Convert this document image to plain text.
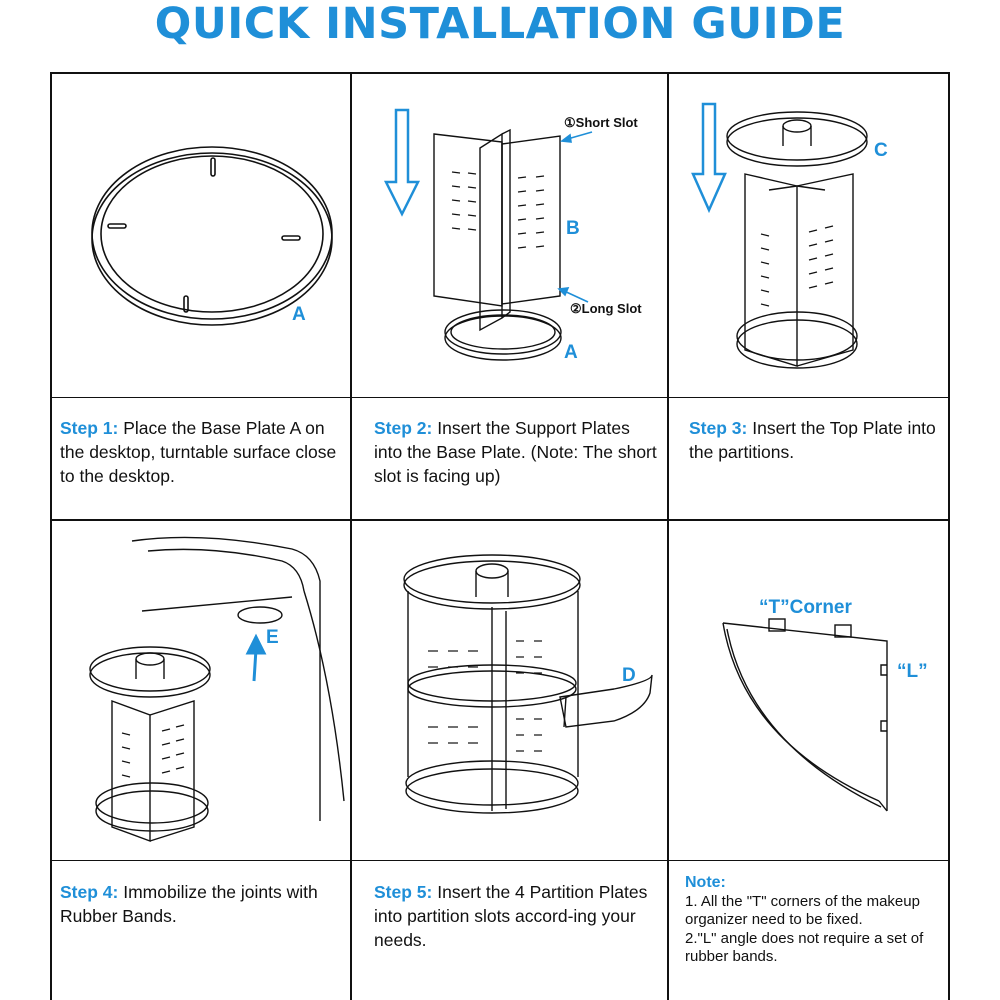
QUICK INSTALLATION GUIDE
A
①Short Slot
②Long Slot
B
A
C
Step 1: Place the Base Plate A on the desktop, turntable surface close to the desktop.
Step 2: Insert the Support Plates into the Base Plate. (Note: The short slot is facing up)
Step 3: Insert the Top Plate into the partitions.
E
D
“T”Corner
“L”
Step 4: Immobilize the joints with Rubber Bands.
Step 5: Insert the 4 Partition Plates into partition slots accord-ing your needs.
Note:
1. All the "T" corners of the makeup organizer need to be fixed.
2."L" angle does not require a set of rubber bands.
